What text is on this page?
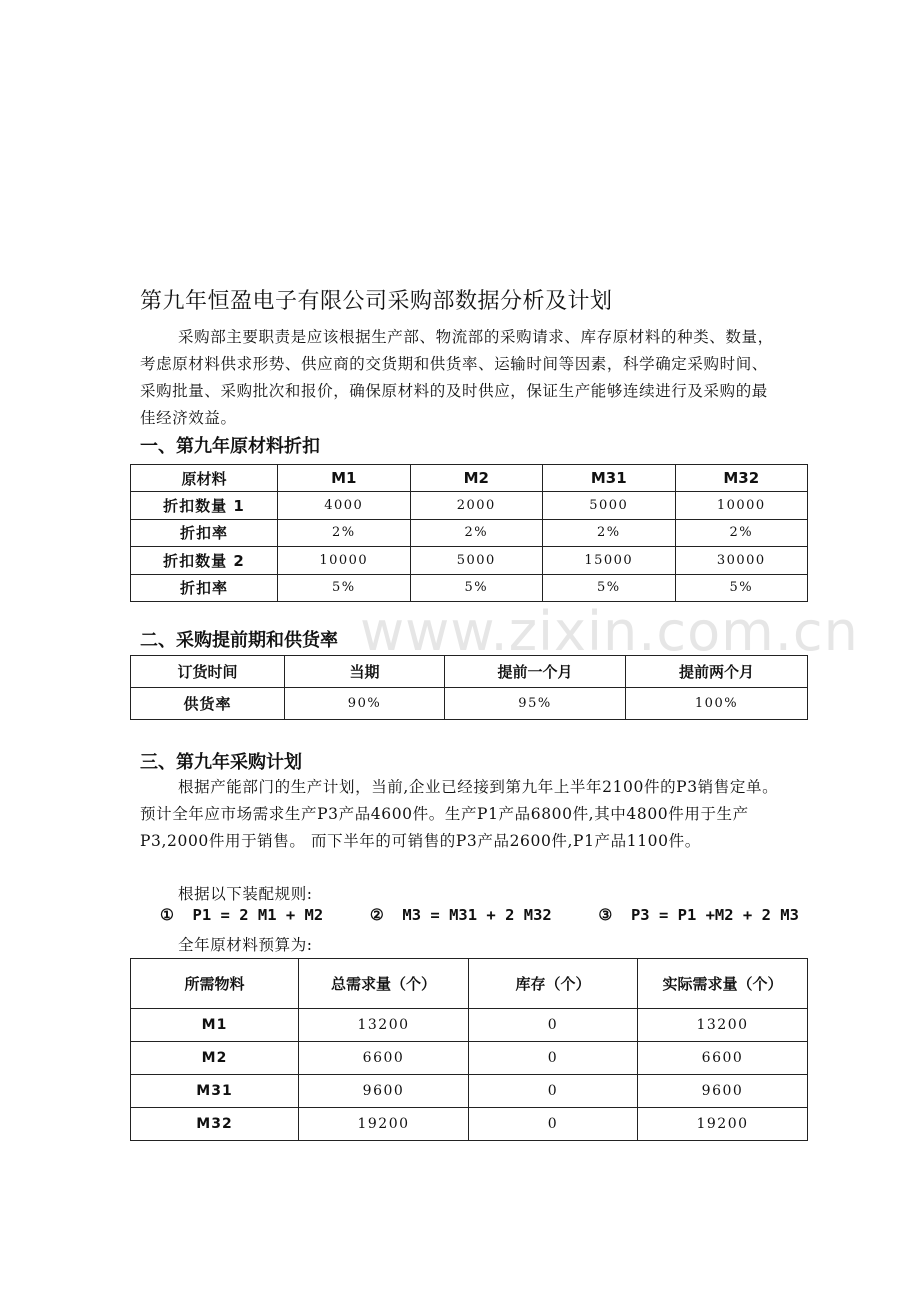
www.zixin.com.cn
第九年恒盈电子有限公司采购部数据分析及计划
采购部主要职责是应该根据生产部、物流部的采购请求、库存原材料的种类、数量，考虑原材料供求形势、供应商的交货期和供货率、运输时间等因素，科学确定采购时间、采购批量、采购批次和报价，确保原材料的及时供应，保证生产能够连续进行及采购的最佳经济效益。
一、第九年原材料折扣
原材料	M1	M2	M31	M32
折扣数量 1	4000	2000	5000	10000
折扣率	2%	2%	2%	2%
折扣数量 2	10000	5000	15000	30000
折扣率	5%	5%	5%	5%
二、采购提前期和供货率
订货时间	当期	提前一个月	提前两个月
供货率	90%	95%	100%
三、第九年采购计划
根据产能部门的生产计划，当前,企业已经接到第九年上半年2100件的P3销售定单。预计全年应市场需求生产P3产品4600件。生产P1产品6800件,其中4800件用于生产P3,2000件用于销售。 而下半年的可销售的P3产品2600件,P1产品1100件。
根据以下装配规则:
①  P1 = 2 M1 + M2     ②  M3 = M31 + 2 M32     ③  P3 = P1 +M2 + 2 M3
全年原材料预算为:
所需物料	总需求量（个）	库存（个）	实际需求量（个）
M1	13200	0	13200
M2	6600	0	6600
M31	9600	0	9600
M32	19200	0	19200
